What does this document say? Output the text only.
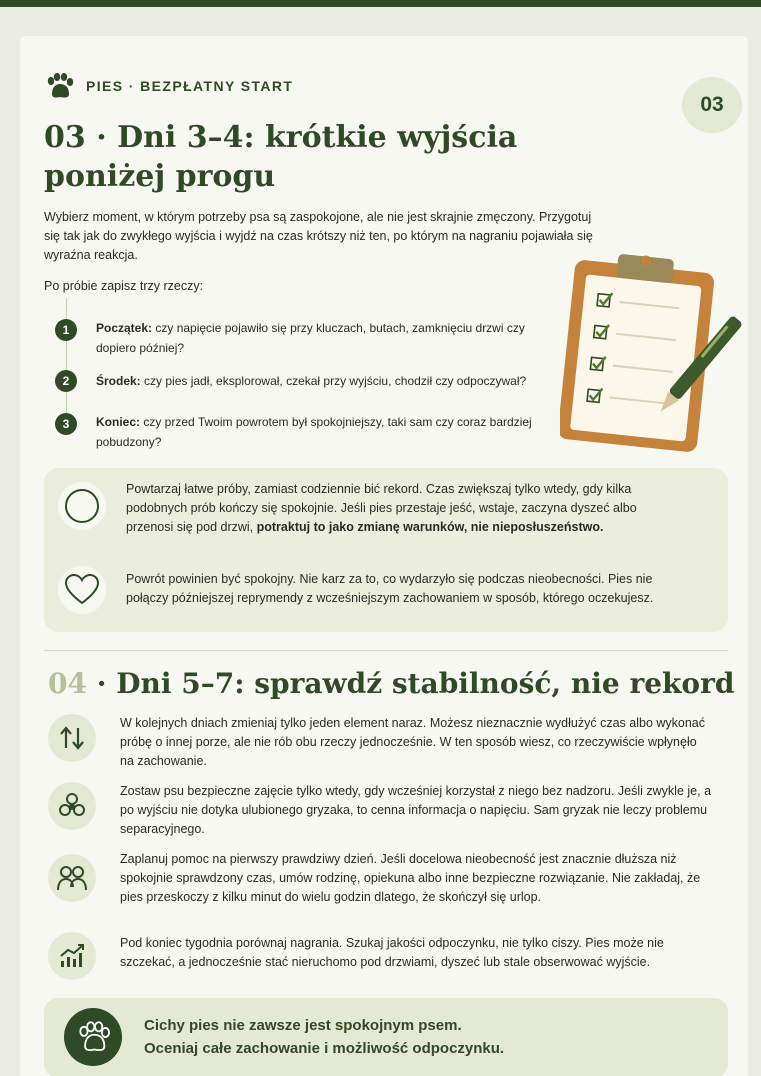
PIES · BEZPŁATNY START
03
03 · Dni 3–4: krótkie wyjścia poniżej progu

Wybierz moment, w którym potrzeby psa są zaspokojone, ale nie jest skrajnie zmęczony. Przygotuj się tak jak do zwykłego wyjścia i wyjdź na czas krótszy niż ten, po którym na nagraniu pojawiała się wyraźna reakcja.

Po próbie zapisz trzy rzeczy:

1	Początek: czy napięcie pojawiło się przy kluczach, butach, zamknięciu drzwi czy dopiero później?
2	Środek: czy pies jadł, eksplorował, czekał przy wyjściu, chodził czy odpoczywał?
3	Koniec: czy przed Twoim powrotem był spokojniejszy, taki sam czy coraz bardziej pobudzony?
Powtarzaj łatwe próby, zamiast codziennie bić rekord. Czas zwiększaj tylko wtedy, gdy kilka podobnych prób kończy się spokojnie. Jeśli pies przestaje jeść, wstaje, zaczyna dyszeć albo przenosi się pod drzwi, potraktuj to jako zmianę warunków, nie nieposłuszeństwo.
Powrót powinien być spokojny. Nie karz za to, co wydarzyło się podczas nieobecności. Pies nie połączy późniejszej reprymendy z wcześniejszym zachowaniem w sposób, którego oczekujesz.
04 · Dni 5–7: sprawdź stabilność, nie rekord

W kolejnych dniach zmieniaj tylko jeden element naraz. Możesz nieznacznie wydłużyć czas albo wykonać próbę o innej porze, ale nie rób obu rzeczy jednocześnie. W ten sposób wiesz, co rzeczywiście wpłynęło na zachowanie.

Zostaw psu bezpieczne zajęcie tylko wtedy, gdy wcześniej korzystał z niego bez nadzoru. Jeśli zwykle je, a po wyjściu nie dotyka ulubionego gryzaka, to cenna informacja o napięciu. Sam gryzak nie leczy problemu separacyjnego.

Zaplanuj pomoc na pierwszy prawdziwy dzień. Jeśli docelowa nieobecność jest znacznie dłuższa niż spokojnie sprawdzony czas, umów rodzinę, opiekuna albo inne bezpieczne rozwiązanie. Nie zakładaj, że pies przeskoczy z kilku minut do wielu godzin dlatego, że skończył się urlop.

Pod koniec tygodnia porównaj nagrania. Szukaj jakości odpoczynku, nie tylko ciszy. Pies może nie szczekać, a jednocześnie stać nieruchomo pod drzwiami, dyszeć lub stale obserwować wyjście.

Cichy pies nie zawsze jest spokojnym psem.
Oceniaj całe zachowanie i możliwość odpoczynku.
